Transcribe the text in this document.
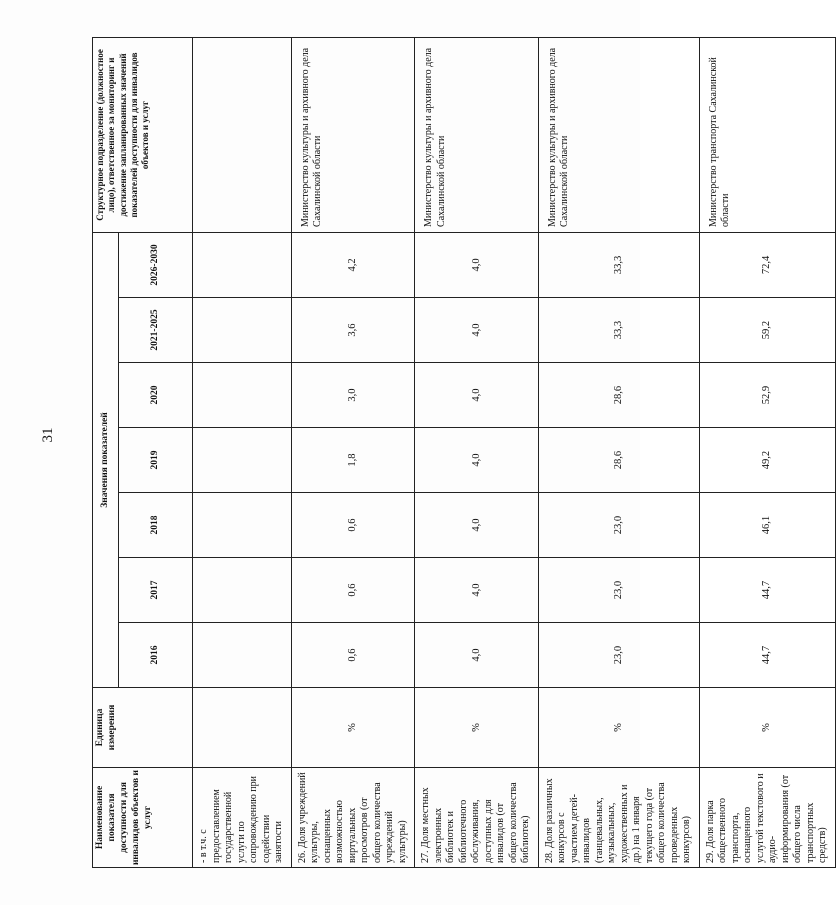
31
Наименование показателя доступности для инвалидов объектов и услуг	Единица измерения	Значения показателей							Структурное подразделение (должностное лицо), ответственное за мониторинг и достижение запланированных значений показателей доступности для инвалидов объектов и услуг
		2016	2017	2018	2019	2020	2021-2025	2026-2030	
- в т.ч. с предоставлением государственной услуги по сопровождению при содействии занятости									
26. Доля учреждений культуры, оснащенных возможностью виртуальных просмотров (от общего количества учреждений культуры)	%	0,6	0,6	0,6	1,8	3,0	3,6	4,2	Министерство культуры и архивного дела Сахалинской области
27. Доля местных электронных библиотек и библиотечного обслуживания, доступных для инвалидов (от общего количества библиотек)	%	4,0	4,0	4,0	4,0	4,0	4,0	4,0	Министерство культуры и архивного дела Сахалинской области
28. Доля различных конкурсов с участием детей-инвалидов (танцевальных, музыкальных, художественных и др.) на 1 января текущего года (от общего количества проведенных конкурсов)	%	23,0	23,0	23,0	28,6	28,6	33,3	33,3	Министерство культуры и архивного дела Сахалинской области
29. Доля парка общественного транспорта, оснащенного услугой текстового и аудио- информирования (от общего числа транспортных средств)	%	44,7	44,7	46,1	49,2	52,9	59,2	72,4	Министерство транспорта Сахалинской области
